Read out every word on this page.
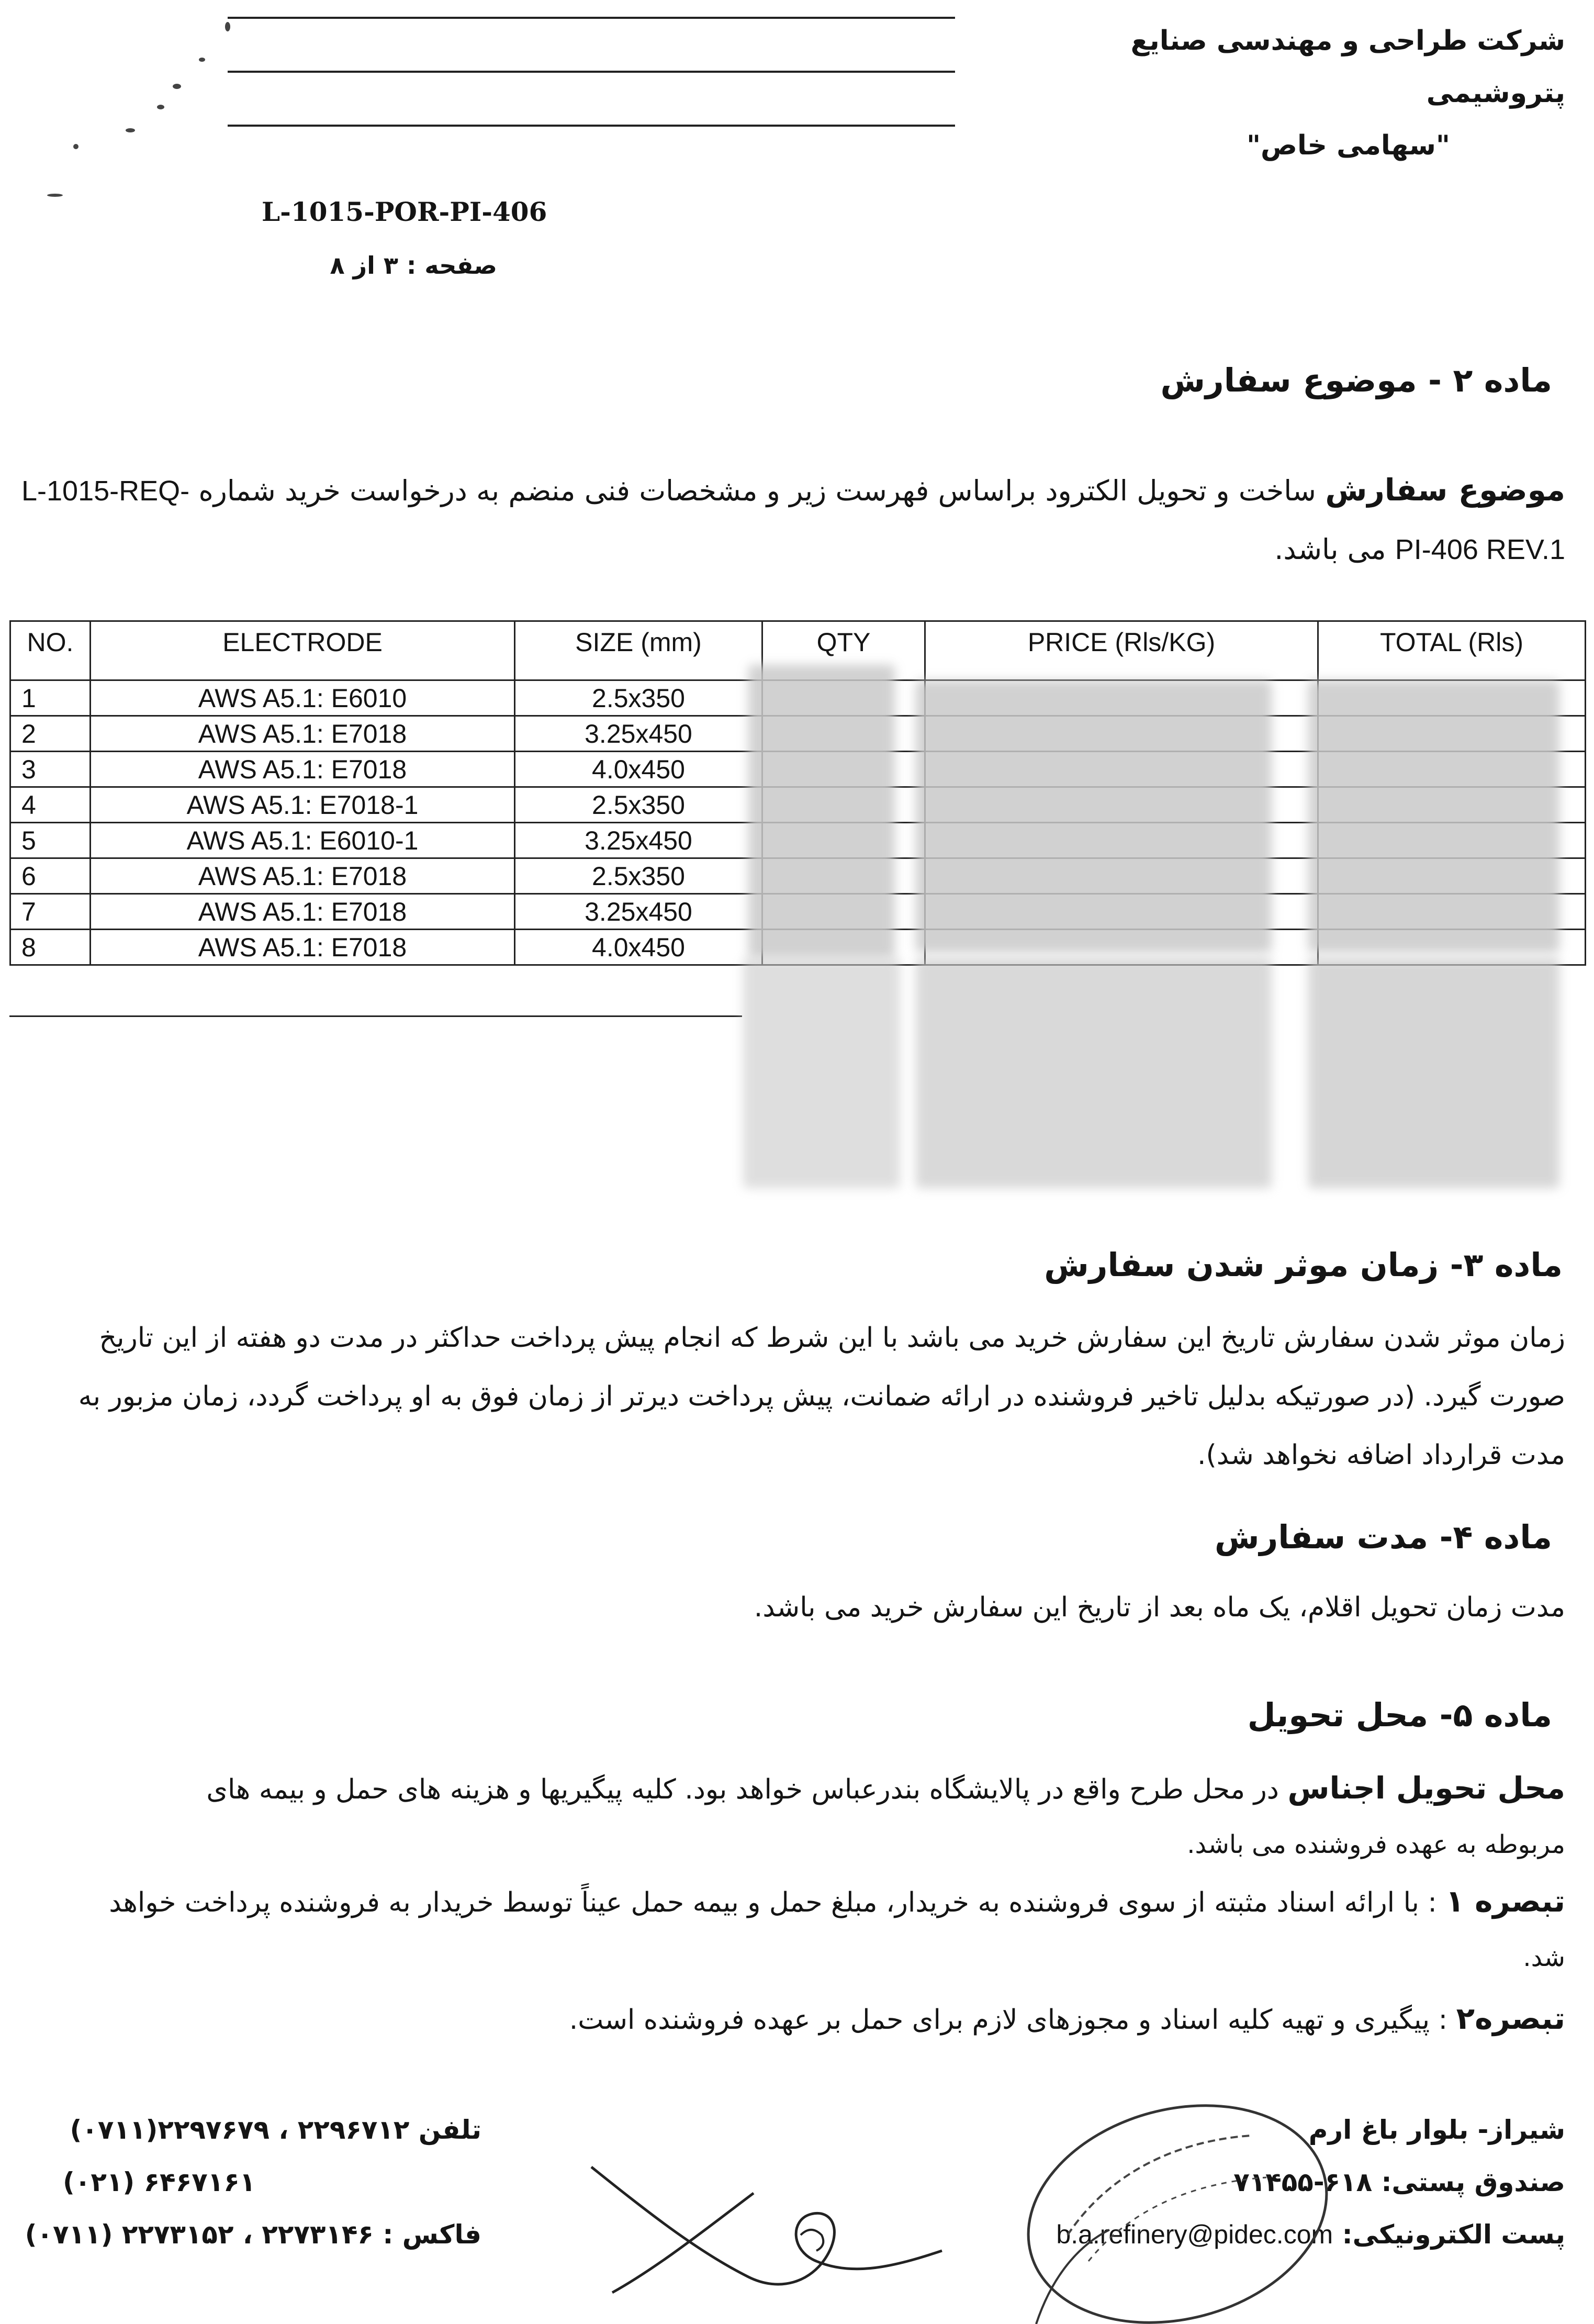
شرکت طراحی و مهندسی صنایع پتروشیمی
"سهامی خاص"
L-1015-POR-PI-406
صفحه : ۳ از ۸
ماده ۲ - موضوع سفارش
موضوع سفارش ساخت و تحویل الکترود براساس فهرست زیر و مشخصات فنی منضم به درخواست خرید شماره L-1015-REQ-PI-406 REV.1 می باشد.
NO.	ELECTRODE	SIZE (mm)	QTY	PRICE (Rls/KG)	TOTAL (Rls)
1	AWS A5.1: E6010	2.5x350			
2	AWS A5.1: E7018	3.25x450			
3	AWS A5.1: E7018	4.0x450			
4	AWS A5.1: E7018-1	2.5x350			
5	AWS A5.1: E6010-1	3.25x450			
6	AWS A5.1: E7018	2.5x350			
7	AWS A5.1: E7018	3.25x450			
8	AWS A5.1: E7018	4.0x450			
ماده ۳- زمان موثر شدن سفارش
زمان موثر شدن سفارش تاریخ این سفارش خرید می باشد با این شرط که انجام پیش پرداخت حداکثر در مدت دو هفته از این تاریخ
صورت گیرد. (در صورتیکه بدلیل تاخیر فروشنده در ارائه ضمانت، پیش پرداخت دیرتر از زمان فوق به او پرداخت گردد، زمان مزبور به
مدت قرارداد اضافه نخواهد شد).
ماده ۴- مدت سفارش
مدت زمان تحویل اقلام، یک ماه بعد از تاریخ این سفارش خرید می باشد.
ماده ۵- محل تحویل
محل تحویل اجناس در محل طرح واقع در پالایشگاه بندرعباس خواهد بود. کلیه پیگیریها و هزینه های حمل و بیمه های
مربوطه به عهده فروشنده می باشد.
تبصره ۱ : با ارائه اسناد مثبته از سوی فروشنده به خریدار، مبلغ حمل و بیمه حمل عیناً توسط خریدار به فروشنده پرداخت خواهد
شد.
تبصره۲ : پیگیری و تهیه کلیه اسناد و مجوزهای لازم برای حمل بر عهده فروشنده است.
شیراز- بلوار باغ ارم
صندوق پستی: ۶۱۸-۷۱۴۵۵
پست الکترونیکی: b.a.refinery@pidec.com
تلفن ۲۲۹۶۷۱۲ ، ۲۲۹۷۶۷۹(۰۷۱۱)
(۰۲۱) ۶۴۶۷۱۶۱
فاکس : ۲۲۷۳۱۴۶ ، ۲۲۷۳۱۵۲ (۰۷۱۱)
